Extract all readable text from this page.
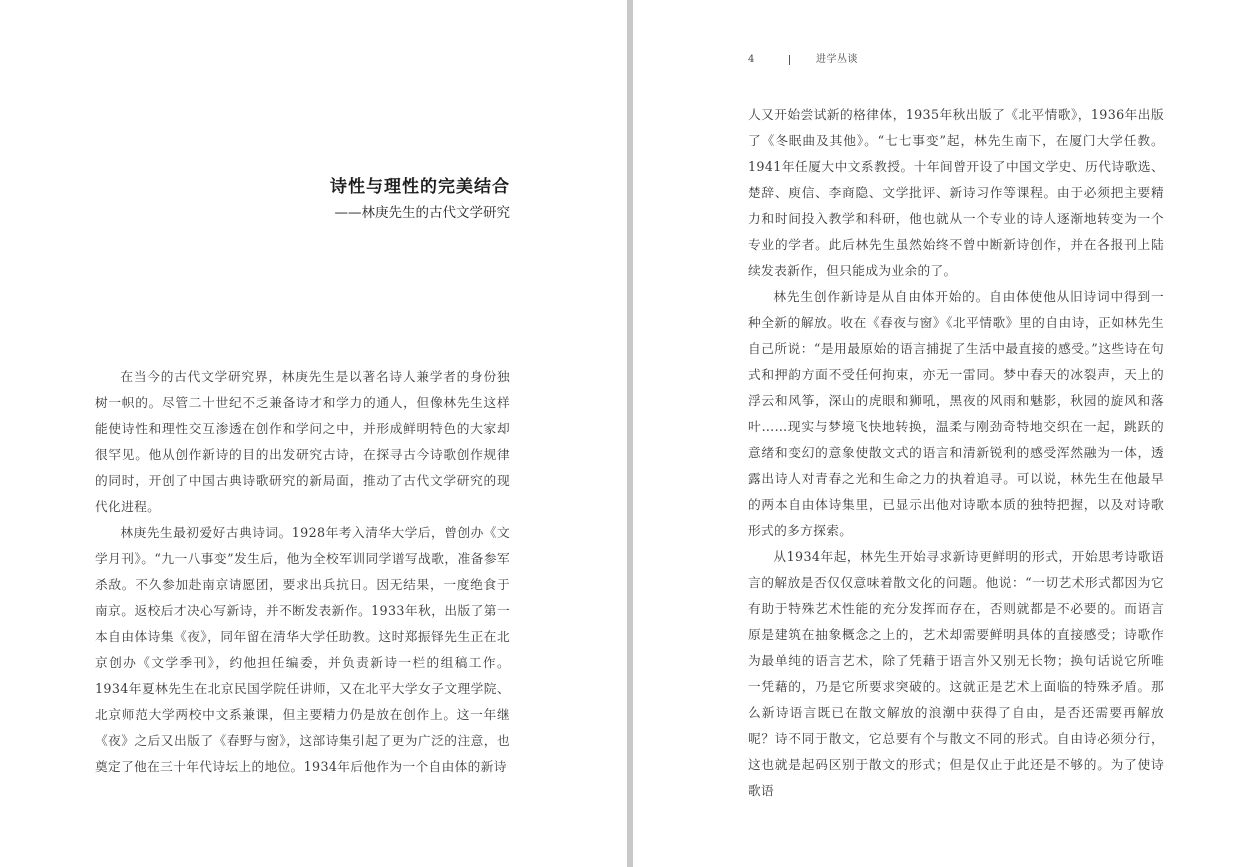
诗性与理性的完美结合
——林庚先生的古代文学研究

在当今的古代文学研究界，林庚先生是以著名诗人兼学者的身份独树一帜的。尽管二十世纪不乏兼备诗才和学力的通人，但像林先生这样能使诗性和理性交互渗透在创作和学问之中，并形成鲜明特色的大家却很罕见。他从创作新诗的目的出发研究古诗，在探寻古今诗歌创作规律的同时，开创了中国古典诗歌研究的新局面，推动了古代文学研究的现代化进程。

林庚先生最初爱好古典诗词。1928年考入清华大学后，曾创办《文学月刊》。“九一八事变”发生后，他为全校军训同学谱写战歌，准备参军杀敌。不久参加赴南京请愿团，要求出兵抗日。因无结果，一度绝食于南京。返校后才决心写新诗，并不断发表新作。1933年秋，出版了第一本自由体诗集《夜》，同年留在清华大学任助教。这时郑振铎先生正在北京创办《文学季刊》，约他担任编委，并负责新诗一栏的组稿工作。1934年夏林先生在北京民国学院任讲师，又在北平大学女子文理学院、北京师范大学两校中文系兼课，但主要精力仍是放在创作上。这一年继《夜》之后又出版了《春野与窗》，这部诗集引起了更为广泛的注意，也奠定了他在三十年代诗坛上的地位。1934年后他作为一个自由体的新诗

4	进学丛谈

人又开始尝试新的格律体，1935年秋出版了《北平情歌》，1936年出版了《冬眠曲及其他》。“七七事变”起，林先生南下，在厦门大学任教。1941年任厦大中文系教授。十年间曾开设了中国文学史、历代诗歌选、楚辞、庾信、李商隐、文学批评、新诗习作等课程。由于必须把主要精力和时间投入教学和科研，他也就从一个专业的诗人逐渐地转变为一个专业的学者。此后林先生虽然始终不曾中断新诗创作，并在各报刊上陆续发表新作，但只能成为业余的了。

林先生创作新诗是从自由体开始的。自由体使他从旧诗词中得到一种全新的解放。收在《春夜与窗》《北平情歌》里的自由诗，正如林先生自己所说：“是用最原始的语言捕捉了生活中最直接的感受。”这些诗在句式和押韵方面不受任何拘束，亦无一雷同。梦中春天的冰裂声，天上的浮云和风筝，深山的虎眼和狮吼，黑夜的风雨和魅影，秋园的旋风和落叶……现实与梦境飞快地转换，温柔与刚劲奇特地交织在一起，跳跃的意绪和变幻的意象使散文式的语言和清新锐利的感受浑然融为一体，透露出诗人对青春之光和生命之力的执着追寻。可以说，林先生在他最早的两本自由体诗集里，已显示出他对诗歌本质的独特把握，以及对诗歌形式的多方探索。

从1934年起，林先生开始寻求新诗更鲜明的形式，开始思考诗歌语言的解放是否仅仅意味着散文化的问题。他说：“一切艺术形式都因为它有助于特殊艺术性能的充分发挥而存在，否则就都是不必要的。而语言原是建筑在抽象概念之上的，艺术却需要鲜明具体的直接感受；诗歌作为最单纯的语言艺术，除了凭藉于语言外又别无长物；换句话说它所唯一凭藉的，乃是它所要求突破的。这就正是艺术上面临的特殊矛盾。那么新诗语言既已在散文解放的浪潮中获得了自由，是否还需要再解放呢？诗不同于散文，它总要有个与散文不同的形式。自由诗必须分行，这也就是起码区别于散文的形式；但是仅止于此还是不够的。为了使诗歌语
